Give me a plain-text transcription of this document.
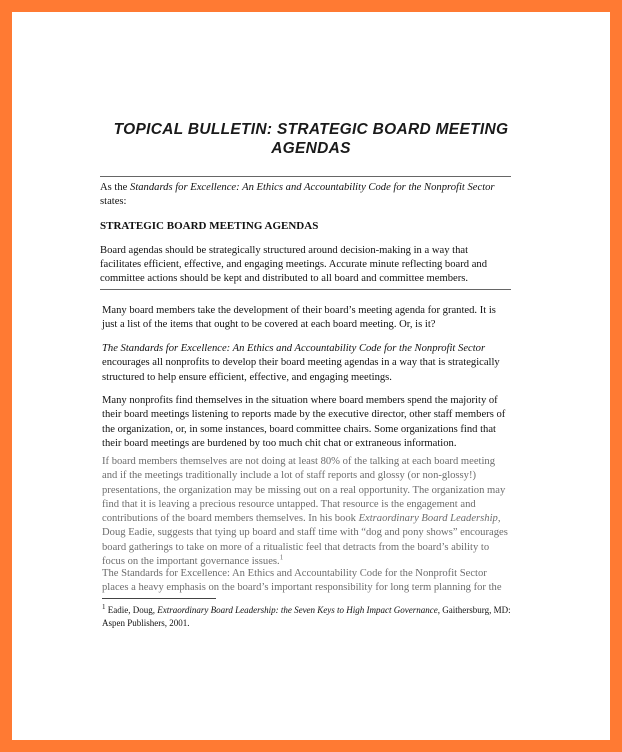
TOPICAL BULLETIN: STRATEGIC BOARD MEETING
AGENDAS

As the Standards for Excellence: An Ethics and Accountability Code for the Nonprofit Sector states:

STRATEGIC BOARD MEETING AGENDAS

Board agendas should be strategically structured around decision-making in a way that facilitates efficient, effective, and engaging meetings. Accurate minute reflecting board and committee actions should be kept and distributed to all board and committee members.

Many board members take the development of their board’s meeting agenda for granted. It is just a list of the items that ought to be covered at each board meeting. Or, is it?

The Standards for Excellence: An Ethics and Accountability Code for the Nonprofit Sector encourages all nonprofits to develop their board meeting agendas in a way that is strategically structured to help ensure efficient, effective, and engaging meetings.

Many nonprofits find themselves in the situation where board members spend the majority of their board meetings listening to reports made by the executive director, other staff members of the organization, or, in some instances, board committee chairs. Some organizations find that their board meetings are burdened by too much chit chat or extraneous information.

If board members themselves are not doing at least 80% of the talking at each board meeting and if the meetings traditionally include a lot of staff reports and glossy (or non-glossy!) presentations, the organization may be missing out on a real opportunity. The organization may find that it is leaving a precious resource untapped. That resource is the engagement and contributions of the board members themselves. In his book Extraordinary Board Leadership, Doug Eadie, suggests that tying up board and staff time with “dog and pony shows” encourages board gatherings to take on more of a ritualistic feel that detracts from the board’s ability to focus on the important governance issues.$^1$

The Standards for Excellence: An Ethics and Accountability Code for the Nonprofit Sector places a heavy emphasis on the board’s important responsibility for long term planning for the

$^1$ Eadie, Doug, Extraordinary Board Leadership: the Seven Keys to High Impact Governance, Gaithersburg, MD: Aspen Publishers, 2001.
